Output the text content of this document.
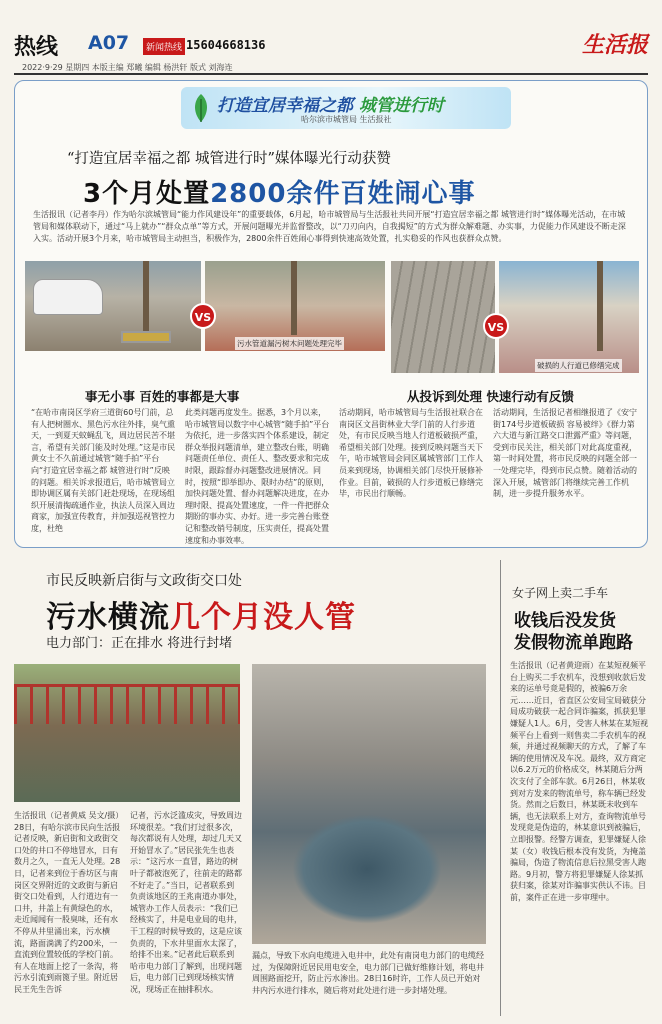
热线 A07	新闻热线 15604668136	生活报
2022·9·29 星期四 本版主编 郑曦 编辑 杨洪轩 版式 刘海连
打造宜居幸福之都 城管进行时
哈尔滨市城管局 生活报社
“打造宜居幸福之都 城管进行时”媒体曝光行动获赞
3个月处置2800余件百姓闹心事
生活报讯（记者李丹）作为哈尔滨城管局“能力作风建设年”的重要载体，6月起，哈市城管局与生活报社共同开展“打造宜居幸福之都 城管进行时”媒体曝光活动，在市城管局和媒体联动下，通过“马上就办”“群众点单”等方式，开展问题曝光并监督整改，以“刀刃向内，自我揭短”的方式为群众解难题、办实事，力促能力作风建设不断走深入实。活动开展3个月来，哈市城管局主动担当，积极作为，2800余件百姓闹心事得到快速高效处置，扎实稳妥的作风也获群众点赞。
污水管道漏污树木问题处理完毕
VS
破损的人行道已修缮完成
VS
事无小事 百姓的事都是大事	从投诉到处理 快速行动有反馈
“在哈市南岗区学府三道街60号门前，总有人把树圈水、黑色污水往外排，臭气熏天，一到夏天蚊蝇乱飞，周边居民苦不堪言，希望有关部门能及时处理。”这是市民黄女士不久前通过城管“随手拍”平台向“打造宜居幸福之都 城管进行时”反映的问题。相关诉求报道后，哈市城管局立即协调区属有关部门赶赴现场，在现场组织开展清掏疏通作业，执法人员深入周边商家，加强宣传教育，并加强巡视管控力度，杜绝
此类问题再度发生。据悉，3个月以来，哈市城管局以数字中心城管“随手拍”平台为依托，进一步落实四个体系建设，制定群众举报问题清单，建立整改台账，明确问题责任单位、责任人、整改要求和完成时限，跟踪督办问题整改进展情况。同时，按照“即举即办、限时办结”的原则，加快问题处置、督办问题解决进度，在办理时限、提高处置速度，一件一件把群众期盼的事办实、办好。进一步完善台账登记和整改销号制度，压实责任，提高处置速度和办事效率。
活动期间，哈市城管局与生活报社联合在南岗区文昌街林业大学门前的人行步道处，有市民反映当地人行道板破损严重，希望相关部门处理。接到反映问题当天下午，哈市城管局会同区属城管部门工作人员来到现场，协调相关部门尽快开展修补作业。目前，破损的人行步道板已修缮完毕，市民出行顺畅。
活动期间，生活报记者相继报道了《安宁街174号步道板破损 容易被绊》《群力第六大道与新江路交口泄露严重》等问题，受到市民关注，相关部门对此高度重视，第一时间处置，将市民反映的问题全部一一处理完毕，得到市民点赞。随着活动的深入开展，城管部门将继续完善工作机制，进一步提升服务水平。
市民反映新启街与文政街交口处
污水横流几个月没人管
电力部门：正在排水 将进行封堵
生活报讯（记者黄威 吴文/摄）28日，有哈尔滨市民向生活报记者反映，新启街和文政街交口处的井口不停地冒水，日有数月之久，一直无人处理。28日，记者来到位于香坊区与南岗区交界附近的文政街与新启街交口处看到，人行道边有一口井，井盖上有黄绿色的水，走近闻闻有一股臭味，还有水不停从井里涌出来，污水横流，路面淌满了约200米，一直流到位置较低的学校门前。有人在地面上挖了一条沟，将污水引流到雨篦子里。附近居民王先生告诉
记者，污水泛滥成灾，导致周边环境很差。“我们打过很多次，每次都说有人处理，却过几天又开始冒水了。”居民张先生也表示：“这污水一直冒，路边的树叶子都被泡死了，往前走的路都不好走了。”当日，记者联系到负责该地区的王兆南道办事处，城管办工作人员表示：“我们已经核实了，井是电业局的电井，干工程的时候导致的，这是应该负责的，下水井里面水太深了，给排不出来。”记者此后联系到哈市电力部门了解到，出现问题后，电力部门已到现场核实情况，现场正在抽排积水。
漏点，导致下水向电缆进入电井中，此处有南岗电力部门的电缆经过，为保障附近居民用电安全，电力部门已做好维修计划，将电井周围路面挖开，防止污水渗出。28日16时许，工作人员已开始对井内污水进行排水，随后将对此处进行进一步封堵处理。
女子网上卖二手车
收钱后没发货
发假物流单跑路
生活报讯（记者黄迎雨）在某短视频平台上购买二手农机车，没想到收款后发来的运单号竟是假的，被骗6万余元……近日，省直区公安局宝局破获分局成功破获一起合同诈骗案，抓获犯罪嫌疑人1人。6月，受害人林某在某短视频平台上看到一则售卖二手农机车的视频，并通过视频聊天的方式，了解了车辆的使用情况及车况。最终，双方商定以6.2万元的价格成交，林某随后分两次支付了全部车款。6月26日，林某收到对方发来的物流单号，称车辆已经发货。然而之后数日，林某既未收到车辆，也无法联系上对方，查询物流单号发现竟是伪造的，林某意识到被骗后，立即报警。经警方调查，犯罪嫌疑人徐某（女）收钱后根本没有发货，为掩盖骗局，伪造了物流信息后拉黑受害人跑路。9月初，警方将犯罪嫌疑人徐某抓获归案，徐某对诈骗事实供认不讳。目前，案件正在进一步审理中。
